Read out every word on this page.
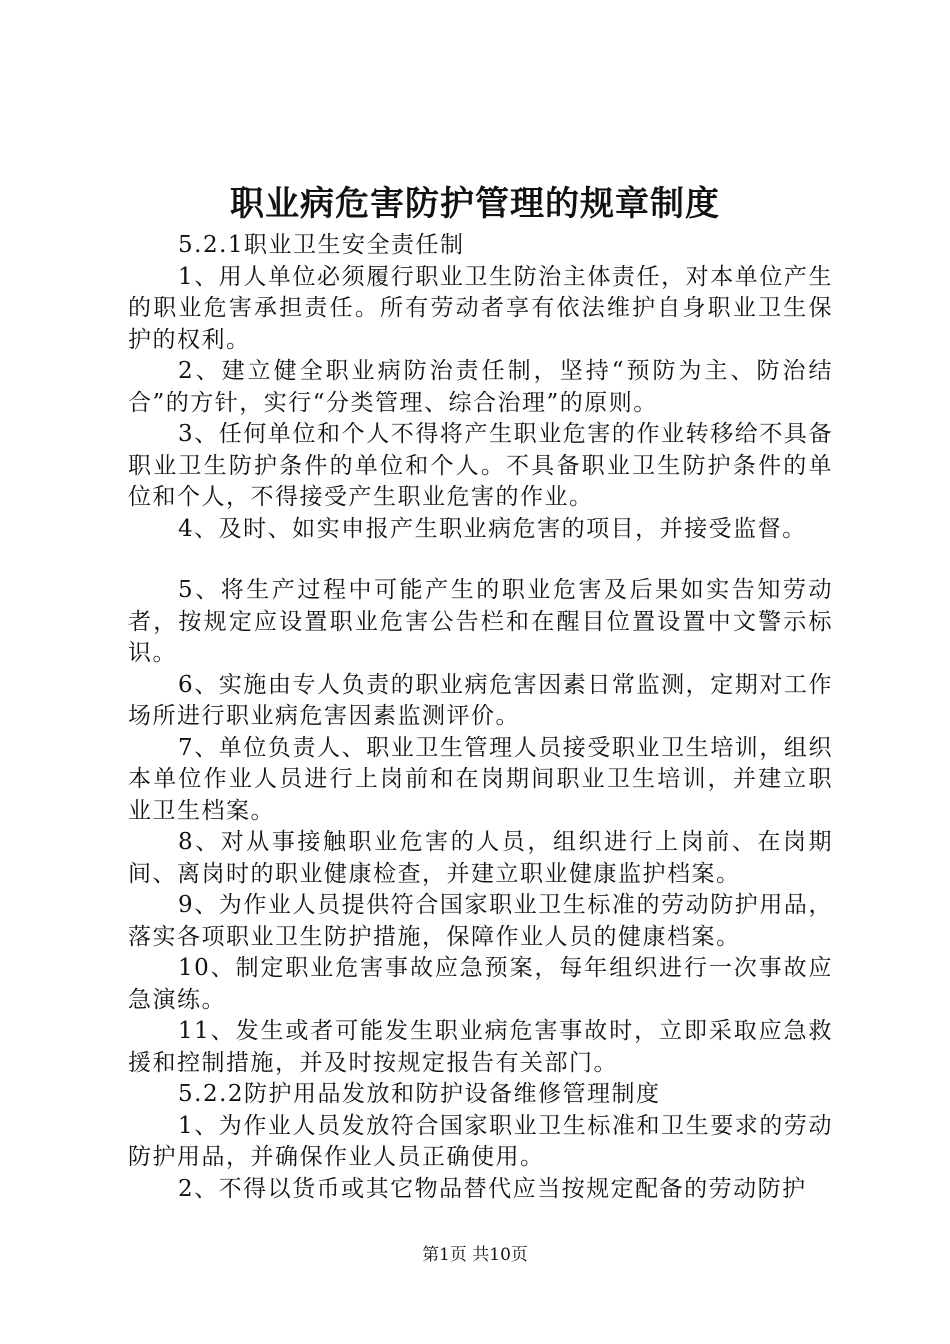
职业病危害防护管理的规章制度

5.2.1职业卫生安全责任制

1、用人单位必须履行职业卫生防治主体责任，对本单位产生的职业危害承担责任。所有劳动者享有依法维护自身职业卫生保护的权利。

2、建立健全职业病防治责任制，坚持“预防为主、防治结合”的方针，实行“分类管理、综合治理”的原则。

3、任何单位和个人不得将产生职业危害的作业转移给不具备职业卫生防护条件的单位和个人。不具备职业卫生防护条件的单位和个人，不得接受产生职业危害的作业。

4、及时、如实申报产生职业病危害的项目，并接受监督。

5、将生产过程中可能产生的职业危害及后果如实告知劳动者，按规定应设置职业危害公告栏和在醒目位置设置中文警示标识。

6、实施由专人负责的职业病危害因素日常监测，定期对工作场所进行职业病危害因素监测评价。

7、单位负责人、职业卫生管理人员接受职业卫生培训，组织本单位作业人员进行上岗前和在岗期间职业卫生培训，并建立职业卫生档案。

8、对从事接触职业危害的人员，组织进行上岗前、在岗期间、离岗时的职业健康检查，并建立职业健康监护档案。

9、为作业人员提供符合国家职业卫生标准的劳动防护用品，落实各项职业卫生防护措施，保障作业人员的健康档案。

10、制定职业危害事故应急预案，每年组织进行一次事故应急演练。

11、发生或者可能发生职业病危害事故时，立即采取应急救援和控制措施，并及时按规定报告有关部门。

5.2.2防护用品发放和防护设备维修管理制度

1、为作业人员发放符合国家职业卫生标准和卫生要求的劳动防护用品，并确保作业人员正确使用。

2、不得以货币或其它物品替代应当按规定配备的劳动防护

第1页 共10页
